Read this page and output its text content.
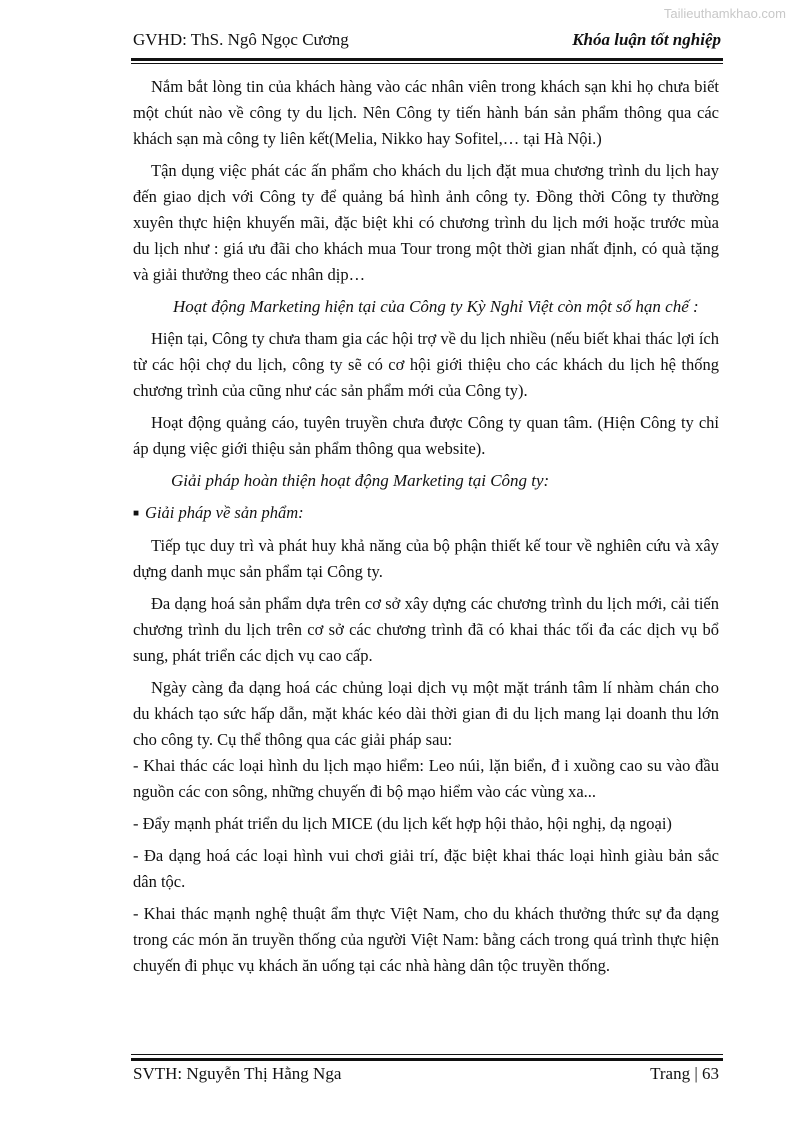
Tailieuthamkhao.com
GVHD: ThS. Ngô Ngọc Cương	Khóa luận tốt nghiệp

Nắm bắt lòng tin của khách hàng vào các nhân viên trong khách sạn khi họ chưa biết một chút nào về công ty du lịch. Nên Công ty tiến hành bán sản phẩm thông qua các khách sạn mà công ty liên kết(Melia, Nikko hay Sofitel,… tại Hà Nội.)

Tận dụng việc phát các ấn phẩm cho khách du lịch đặt mua chương trình du lịch hay đến giao dịch với Công ty để quảng bá hình ảnh công ty. Đồng thời Công ty thường xuyên thực hiện khuyến mãi, đặc biệt khi có chương trình du lịch mới hoặc trước mùa du lịch như : giá ưu đãi cho khách mua Tour trong một thời gian nhất định, có quà tặng và giải thưởng theo các nhân dịp…

Hoạt động Marketing hiện tại của Công ty Kỳ Nghỉ Việt còn một số hạn chế :

Hiện tại, Công ty chưa tham gia các hội trợ về du lịch nhiều (nếu biết khai thác lợi ích từ các hội chợ du lịch, công ty sẽ có cơ hội giới thiệu cho các khách du lịch hệ thống chương trình của cũng như các sản phẩm mới của Công ty).

Hoạt động quảng cáo, tuyên truyền chưa được Công ty quan tâm. (Hiện Công ty chỉ áp dụng việc giới thiệu sản phẩm thông qua website).

Giải pháp hoàn thiện hoạt động Marketing tại Công ty:

■ Giải pháp về sản phẩm:

Tiếp tục duy trì và phát huy khả năng của bộ phận thiết kế tour về nghiên cứu và xây dựng danh mục sản phẩm tại Công ty.

Đa dạng hoá sản phẩm dựa trên cơ sở xây dựng các chương trình du lịch mới, cải tiến chương trình du lịch trên cơ sở các chương trình đã có khai thác tối đa các dịch vụ bổ sung, phát triển các dịch vụ cao cấp.

Ngày càng đa dạng hoá các chủng loại dịch vụ một mặt tránh tâm lí nhàm chán cho du khách tạo sức hấp dẫn, mặt khác kéo dài thời gian đi du lịch mang lại doanh thu lớn cho công ty. Cụ thể thông qua các giải pháp sau:

- Khai thác các loại hình du lịch mạo hiểm: Leo núi, lặn biển, đ i xuồng cao su vào đầu nguồn các con sông, những chuyến đi bộ mạo hiểm vào các vùng xa...

- Đẩy mạnh phát triển du lịch MICE (du lịch kết hợp hội thảo, hội nghị, dạ ngoại)

- Đa dạng hoá các loại hình vui chơi giải trí, đặc biệt khai thác loại hình giàu bản sắc dân tộc.

- Khai thác mạnh nghệ thuật ẩm thực Việt Nam, cho du khách thưởng thức sự đa dạng trong các món ăn truyền thống của người Việt Nam: bằng cách trong quá trình thực hiện chuyến đi phục vụ khách ăn uống tại các nhà hàng dân tộc truyền thống.

SVTH: Nguyễn Thị Hằng Nga	Trang | 63
